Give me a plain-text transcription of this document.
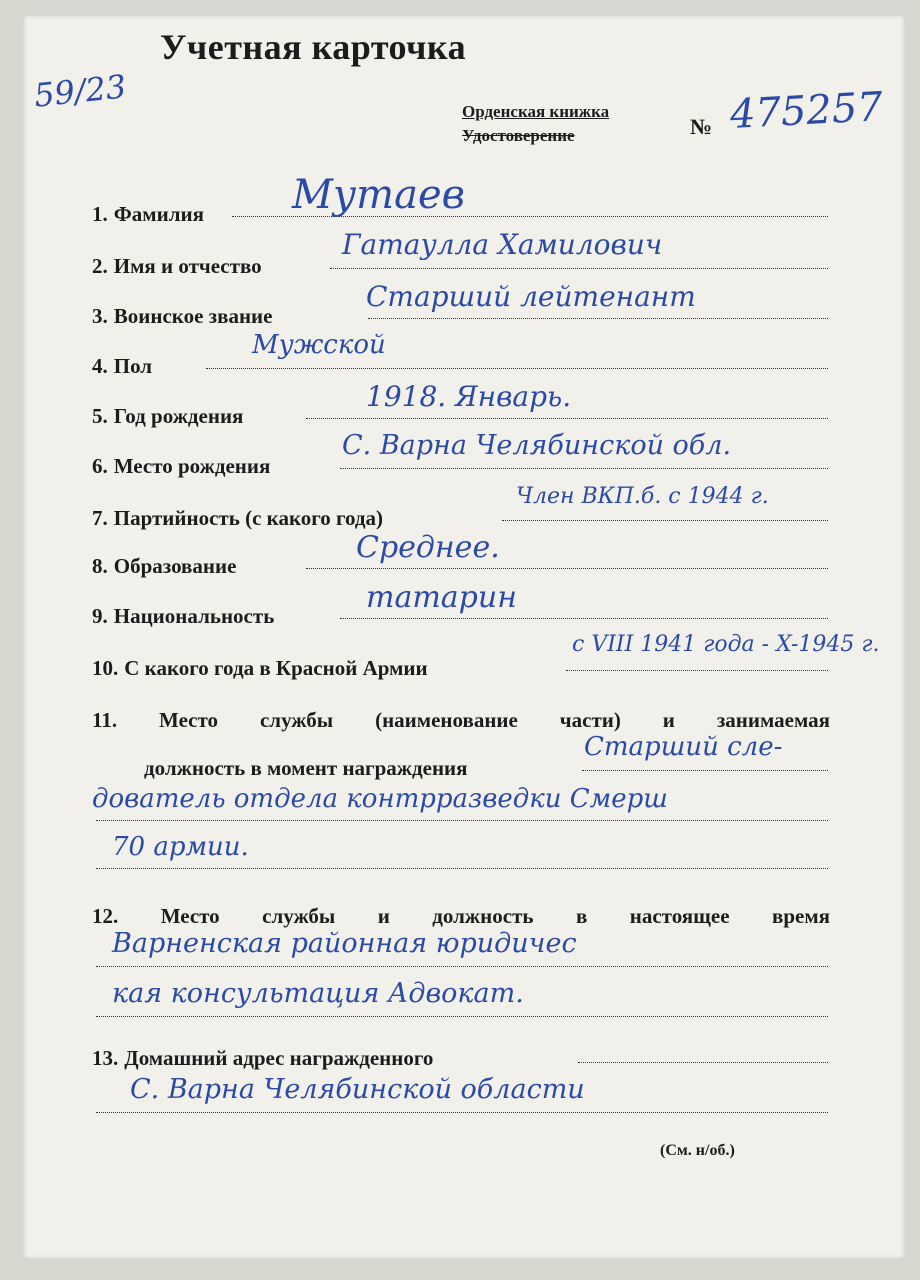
Учетная карточка
59/23	Орденская книжка
Удостоверение	№ 475257
1. Фамилия Мутаев
2. Имя и отчество
Гатаулла Хамилович
3. Воинское звание
Старший лейтенант
4. Пол
Мужской
5. Год рождения
1918. Январь.
6. Место рождения
С. Варна Челябинской обл.
7. Партийность (с какого года)
Член ВКП.б. с 1944 г.
8. Образование
Среднее.
9. Национальность
татарин
10. С какого года в Красной Армии
с VIII 1941 года - X-1945 г.
11. Место службы (наименование части) и занимаемая
должность в момент награждения
Старший сле-
дователь отдела контрразведки Смерш
70 армии.
12. Место службы и должность в настоящее время
Варненская районная юридичес
кая консультация Адвокат.
13. Домашний адрес награжденного
С. Варна Челябинской области
(См. н/об.)
